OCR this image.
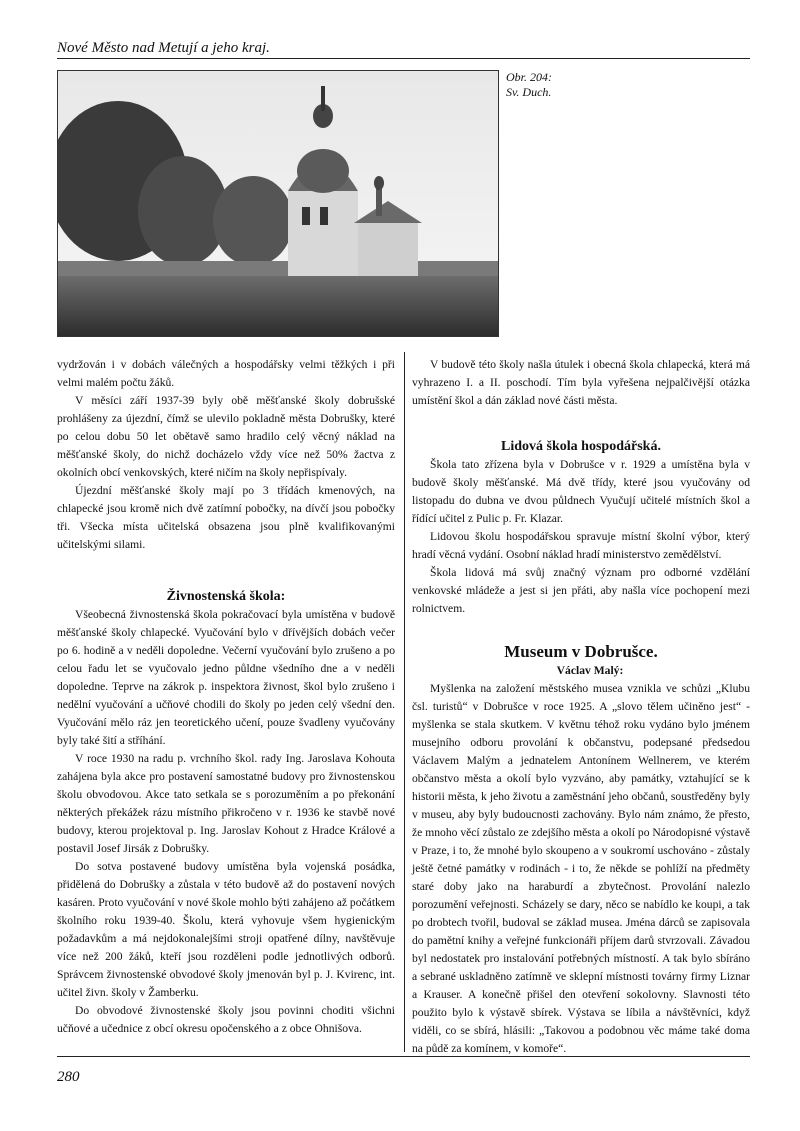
Nové Město nad Metují a jeho kraj.
Obr. 204:
Sv. Duch.

vydržován i v dobách válečných a hospodářsky velmi těžkých i při velmi malém počtu žáků.

V měsíci září 1937-39 byly obě měšťanské školy dobrušské prohlášeny za újezdní, čímž se ulevilo pokladně města Dobrušky, které po celou dobu 50 let obětavě samo hradilo celý věcný náklad na měšťanské školy, do nichž docházelo vždy více než 50% žactva z okolních obcí venkovských, které ničím na školy nepřispívaly.

Újezdní měšťanské školy mají po 3 třídách kmenových, na chlapecké jsou kromě nich dvě zatímní pobočky, na dívčí jsou pobočky tři. Všecka místa učitelská obsazena jsou plně kvalifikovanými učitelskými silami.

Živnostenská škola:

Všeobecná živnostenská škola pokračovací byla umístěna v budově měšťanské školy chlapecké. Vyučování bylo v dřívějších dobách večer po 6. hodině a v neděli dopoledne. Večerní vyučování bylo zrušeno a po celou řadu let se vyučovalo jedno půldne všedního dne a v neděli dopoledne. Teprve na zákrok p. inspektora živnost, škol bylo zrušeno i nedělní vyučování a učňové chodili do školy po jeden celý všední den. Vyučování mělo ráz jen teoretického učení, pouze švadleny vyučovány byly také šití a stříhání.

V roce 1930 na radu p. vrchního škol. rady Ing. Jaroslava Kohouta zahájena byla akce pro postavení samostatné budovy pro živnostenskou školu obvodovou. Akce tato setkala se s porozuměním a po překonání některých překážek rázu místního přikročeno v r. 1936 ke stavbě nové budovy, kterou projektoval p. Ing. Jaroslav Kohout z Hradce Králové a postavil Josef Jirsák z Dobrušky.

Do sotva postavené budovy umístěna byla vojenská posádka, přidělená do Dobrušky a zůstala v této budově až do postavení nových kasáren. Proto vyučování v nové škole mohlo býti zahájeno až počátkem školního roku 1939-40. Školu, která vyhovuje všem hygienickým požadavkům a má nejdokonalejšími stroji opatřené dílny, navštěvuje více než 200 žáků, kteří jsou rozděleni podle jednotlivých odborů. Správcem živnostenské obvodové školy jmenován byl p. J. Kvirenc, int. učitel živn. školy v Žamberku.

Do obvodové živnostenské školy jsou povinni choditi všichni učňové a učednice z obcí okresu opočenského a z obce Ohnišova.

V budově této školy našla útulek i obecná škola chlapecká, která má vyhrazeno I. a II. poschodí. Tím byla vyřešena nejpalčivější otázka umístění škol a dán základ nové části města.

Lidová škola hospodářská.

Škola tato zřízena byla v Dobrušce v r. 1929 a umístěna byla v budově školy měšťanské. Má dvě třídy, které jsou vyučovány od listopadu do dubna ve dvou půldnech Vyučují učitelé místních škol a řídící učitel z Pulic p. Fr. Klazar.

Lidovou školu hospodářskou spravuje místní školní výbor, který hradí věcná vydání. Osobní náklad hradí ministerstvo zemědělství.

Škola lidová má svůj značný význam pro odborné vzdělání venkovské mládeže a jest si jen přáti, aby našla více pochopení mezi rolnictvem.

Museum v Dobrušce.

Václav Malý:

Myšlenka na založení městského musea vznikla ve schůzi „Klubu čsl. turistů“ v Dobrušce v roce 1925. A „slovo tělem učiněno jest“ - myšlenka se stala skutkem. V květnu téhož roku vydáno bylo jménem musejního odboru provolání k občanstvu, podepsané předsedou Václavem Malým a jednatelem Antonínem Wellnerem, ve kterém občanstvo města a okolí bylo vyzváno, aby památky, vztahující se k historii města, k jeho životu a zaměstnání jeho občanů, soustředěny byly v museu, aby byly budoucnosti zachovány. Bylo nám známo, že přesto, že mnoho věcí zůstalo ze zdejšího města a okolí po Národopisné výstavě v Praze, i to, že mnohé bylo skoupeno a v soukromí uschováno - zůstaly ještě četné památky v rodinách - i to, že někde se pohlíží na předměty staré doby jako na haraburdí a zbytečnost. Provolání nalezlo porozumění veřejnosti. Scházely se dary, něco se nabídlo ke koupi, a tak po drobtech tvořil, budoval se základ musea. Jména dárců se zapisovala do pamětní knihy a veřejné funkcionáři příjem darů stvrzovali. Závadou byl nedostatek pro instalování potřebných místností. A tak bylo sbíráno a sebrané uskladněno zatímně ve sklepní místnosti továrny firmy Liznar a Krauser. A konečně přišel den otevření sokolovny. Slavnosti této použito bylo k výstavě sbírek. Výstava se líbila a návštěvníci, když viděli, co se sbírá, hlásili: „Takovou a podobnou věc máme také doma na půdě za komínem, v komoře“.

280
